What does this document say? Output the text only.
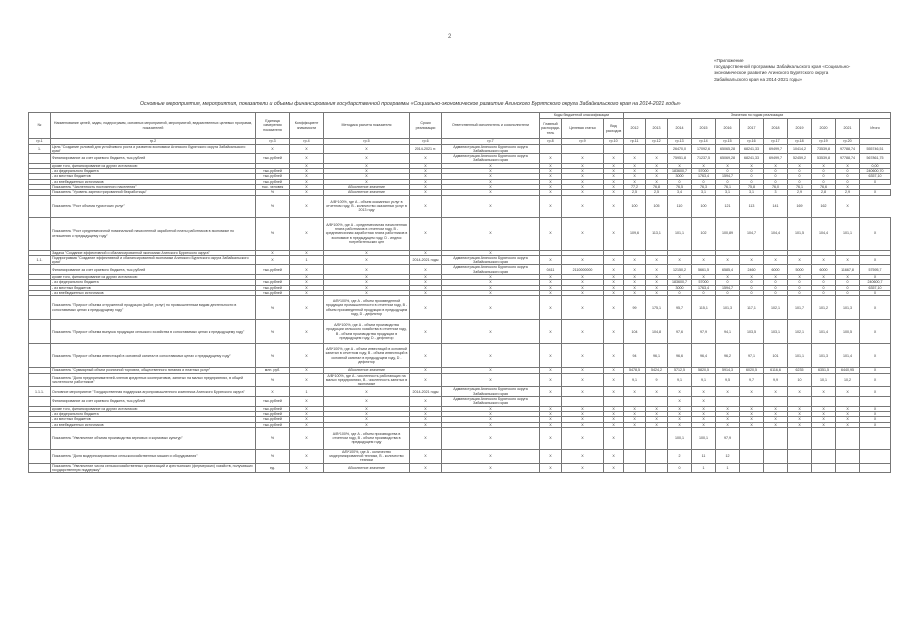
2
«Приложение
государственной программы Забайкальского края «Социально-
экономическое развитие Агинского Бурятского округа
Забайкальского края на 2014-2021 годы»
Основные мероприятия, мероприятия, показатели и объемы финансирования государственной программы «Социально-экономическое развитие Агинского Бурятского округа Забайкальского края на 2014-2021 годы»
№	Наименование целей, задач, подпрограмм, основных мероприятий, мероприятий, ведомственных целевых программ, показателей	Единица измерения показателя	Коэффициент значимости	Методика расчета показателя	Сроки реализации	Ответственный исполнитель и соисполнители	Коды бюджетной классификации			Значения по годам реализации										
							Главный распоряди-тель	Целевая статья	Вид расходов	2012	2013	2014	2015	2016	2017	2018	2019	2020	2021	Итого

гр.1	гр.2	гр.3	гр.4	гр.5	гр.6	гр.7	гр.8	гр.9	гр.10	гр.11	гр.12	гр.13	гр.14	гр.15	гр.16	гр.17	гр.18	гр.19	гр.20	
1.	Цель "Создание условий для устойчивого роста и развития экономики Агинского Бурятского округа Забайкальского края"	Х	Х	Х	2014-2021 гг.	Администрация Агинского Бурятского округа Забайкальского края						26470,0	17092,6	65065,28	68241,33	69499,7	10414,2	73539,8	97788,74	555746,51
	Финансирование за счет краевого бюджета, тыс.рублей	тыс.рублей	Х	Х	Х	Администрация Агинского Бурятского округа Забайкальского края	Х	Х	Х	Х	Х	75951,8	71237,5	65069,28	68241,33	69499,7	52459,2	53539,8	97788,74	567861,75
	кроме того, финансирование из других источников:		Х	Х	Х	Х	Х	Х	Х	Х	Х	Х	Х	Х	Х	Х	Х	Х	Х	0,00
	- из федерального бюджета	тыс.рублей	Х	Х	Х	Х	Х	Х	Х	Х	Х	183600,7	57000	0	0	0	0	0	0	240600,70
	- из местных бюджетов	тыс.рублей	Х	Х	Х	Х	Х	Х	Х	Х	Х	3000	1763,4	1594,7	0	0	0	0	0	6357,10
	- из внебюджетных источников	тыс.рублей	Х	Х	Х	Х	Х	Х	Х	Х	Х	0	0	0	0	0	0	0	0	0
	Показатель "Численность постоянного населения"	тыс. человек	Х	Абсолютное значение	Х	Х	Х	Х	Х	77,2	76,8	76,5	76,3	76,1	75,8	76,0	76,1	76,6	Х	
	Показатель "Уровень зарегистрированной безработицы"	%	Х	Абсолютное значение	Х	Х	Х	Х	Х	2,5	2,5	3,4	3,1	3,1	3,1	3	2,9	2,8	2,9	Х
	Показатель "Рост объема туристских услуг"	%	Х	А/В*100%, где А - объем оказанных услуг в отчетном году, В - количество оказанных услуг в 2013 году	Х	Х	Х	Х	Х	100	105	110	100	121	113	141	169	162	Х	
	Показатель "Рост среднемесячной номинальной начисленной заработной платы работников в экономике по отношению к предыдущему году"	%	Х	А/В*100%, где А - среднемесячная начисленная плата работников в отчетном году, В - среднемесячная заработная плата работников в экономике в предыдущем году, D - индекс потребительских цен	Х	Х	Х	Х	Х	109,6	113,1	101,1	102	100,89	104,7	104,4	101,5	104,4	101,1	Х
	Задача "Создание эффективной и сбалансированной экономики Агинского Бурятского округа"	Х	Х	Х	Х	Х														
1.1.	Подпрограмма "Создание эффективной и сбалансированной экономики Агинского Бурятского округа Забайкальского края"	Х	1	Х	2014-2021 годы	Администрация Агинского Бурятского округа Забайкальского края	Х	Х	Х	Х	Х	Х	Х	Х	Х	Х	Х	Х	Х	Х
	Финансирование за счет краевого бюджета, тыс.рублей	тыс.рублей	Х	Х	Х	Администрация Агинского Бурятского округа Забайкальского края	0411	2110000000	Х	Х	Х	12150,2	5661,5	6585,4	2460	6000	5000	6000	11667,8	57595,7
	кроме того, финансирование из других источников:		Х	Х	Х	Х	Х	Х	Х	Х	Х	Х	Х	Х	Х	Х	Х	Х	Х	Х
	- из федерального бюджета	тыс.рублей	Х	Х	Х	Х	Х	Х	Х	Х	Х	183600,7	57000	0	0	0	0	0	0	240600,7
	- из местных бюджетов	тыс.рублей	Х	Х	Х	Х	Х	Х	Х	Х	Х	3000	1763,4	1594,7	0	0	0	0	0	6357,10
	- из внебюджетных источников	тыс.рублей	Х	Х	Х	Х	Х	Х	Х	Х	Х	0	0	0	0	0	0	0	0	0
	Показатель "Прирост объема отгруженной продукции (работ, услуг) по промышленным видам деятельности в сопоставимых ценах к предыдущему году"	%	Х	А/В*100%, где А - объем произведенной продукции промышленности в отчетном году, В - объем произведенной продукции в предыдущем году, D - дефлятор	Х	Х	Х	Х	Х	99	175,1	95,7	115,1	101,3	117,1	102,1	101,7	101,2	101,3	Х
	Показатель "Прирост объема выпуска продукции сельского хозяйства в сопоставимых ценах к предыдущему году"	%	Х	А/В*100%, где А - объем производства продукции сельского хозяйства в отчетном году, В - объем производства продукции в предыдущем году, D - дефлятор	Х	Х	Х	Х	Х	104	104,8	97,6	97,9	94,1	103,5	103,1	102,1	101,4	100,5	Х
	Показатель "Прирост объема инвестиций в основной капитал в сопоставимых ценах к предыдущему году"	%	Х	А/В*100%, где А - объем инвестиций в основной капитал в отчетном году, В - объем инвестиций в основной капитал в предыдущем году, D - дефлятор	Х	Х	Х	Х	Х	94	96,1	96,6	96,4	96,2	97,1	101	101,1	101,3	101,4	Х
	Показатель "Суммарный объем розничной торговли, общественного питания и платных услуг"	млн. руб.	Х	Абсолютное значение	Х	Х	Х	Х	Х	5478,5	5424,2	5712,5	5820,5	5914,3	6020,5	6116,6	6235	6351,5	6440,95	Х
	Показатель "Доля предпринимателей-членов кредитных кооперативов, занятых на малых предприятиях, в общей численности работников"	%	Х	А/В*100%, где А - численность работающих на малых предприятиях, В - численность занятых в экономике	Х	Х	Х	Х	Х	9,1	9	9,1	9,1	9,5	9,7	9,9	10	10,1	10,2	Х
1.1.1.	Основное мероприятие "Государственная поддержка агропромышленного комплекса Агинского Бурятского округа"	Х	1	Х	2014-2021 годы	Администрация Агинского Бурятского округа Забайкальского края	Х	Х	Х	Х	Х	Х	Х	Х	Х	Х	Х	Х	Х	Х
	Финансирование за счет краевого бюджета, тыс.рублей	тыс.рублей	Х	Х	Х	Администрация Агинского Бурятского округа Забайкальского края						Х	Х							
	кроме того, финансирование из других источников:	тыс.рублей	Х	Х	Х	Х	Х	Х	Х	Х	Х	Х	Х	Х	Х	Х	Х	Х	Х	Х
	- из федерального бюджета	тыс.рублей	Х	Х	Х	Х	Х	Х	Х	Х	Х	Х	Х	Х	Х	Х	Х	Х	Х	Х
	- из местных бюджетов	тыс.рублей	Х	Х	Х	Х	Х	Х	Х	Х	Х	Х	Х	Х	Х	Х	Х	Х	Х	Х
	- из внебюджетных источников	тыс.рублей	Х	Х	Х	Х	Х	Х	Х	Х	Х	Х	Х	Х	Х	Х	Х	Х	Х	Х
	Показатель "Увеличение объема производства зерновых и кормовых культур"	%	Х	А/В*100%, где А - объем производства в отчетном году, В - объем производства в предыдущем году	Х	Х	Х	Х	Х			100,1	100,1	97,9						
	Показатель "Доля модернизированных сельскохозяйственных машин и оборудования"	%	Х	А/В*100%, где А - количество модернизированной техники, В - количество техники	Х	Х	Х	Х	Х			2	11	12						
	Показатель "Увеличение числа сельскохозяйственных организаций и крестьянских (фермерских) хозяйств, получивших государственную поддержку"	ед.	Х	Абсолютное значение	Х	Х	Х	Х	Х			0	1	1						
